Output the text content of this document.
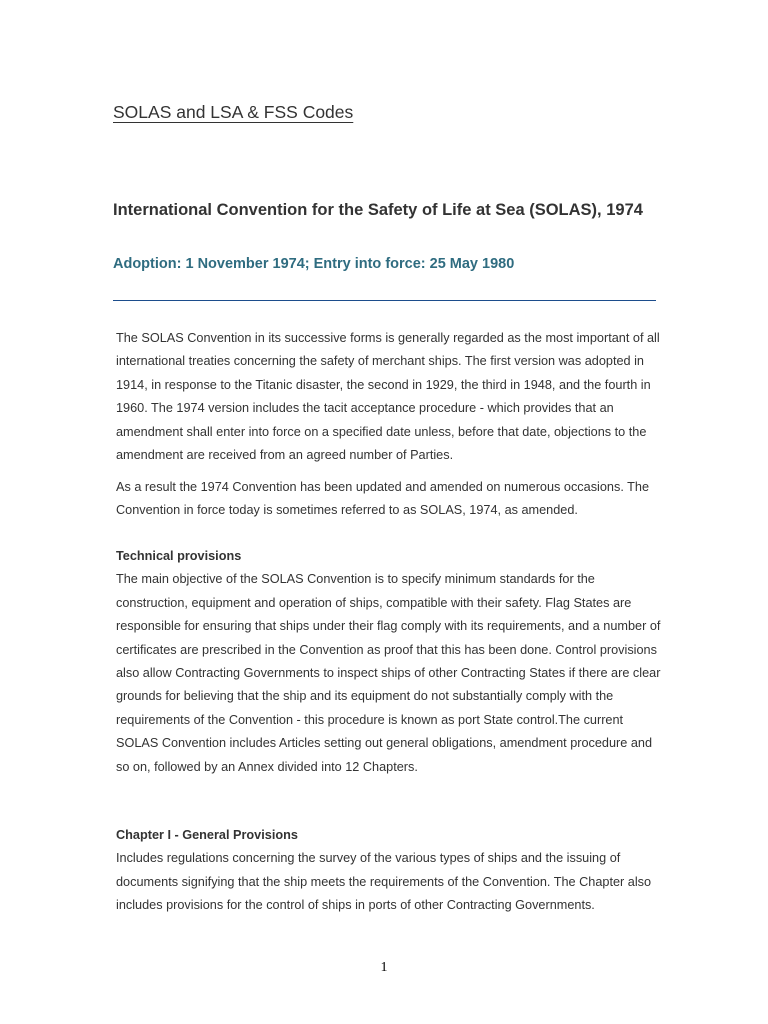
SOLAS and LSA & FSS Codes
International Convention for the Safety of Life at Sea (SOLAS), 1974
Adoption: 1 November 1974; Entry into force: 25 May 1980

The SOLAS Convention in its successive forms is generally regarded as the most important of all international treaties concerning the safety of merchant ships. The first version was adopted in 1914, in response to the Titanic disaster, the second in 1929, the third in 1948, and the fourth in 1960. The 1974 version includes the tacit acceptance procedure - which provides that an amendment shall enter into force on a specified date unless, before that date, objections to the amendment are received from an agreed number of Parties.

As a result the 1974 Convention has been updated and amended on numerous occasions. The Convention in force today is sometimes referred to as SOLAS, 1974, as amended.

Technical provisions
The main objective of the SOLAS Convention is to specify minimum standards for the construction, equipment and operation of ships, compatible with their safety. Flag States are responsible for ensuring that ships under their flag comply with its requirements, and a number of certificates are prescribed in the Convention as proof that this has been done. Control provisions also allow Contracting Governments to inspect ships of other Contracting States if there are clear grounds for believing that the ship and its equipment do not substantially comply with the requirements of the Convention - this procedure is known as port State control.The current SOLAS Convention includes Articles setting out general obligations, amendment procedure and so on, followed by an Annex divided into 12 Chapters.
Chapter I - General Provisions
Includes regulations concerning the survey of the various types of ships and the issuing of documents signifying that the ship meets the requirements of the Convention. The Chapter also includes provisions for the control of ships in ports of other Contracting Governments.
1
